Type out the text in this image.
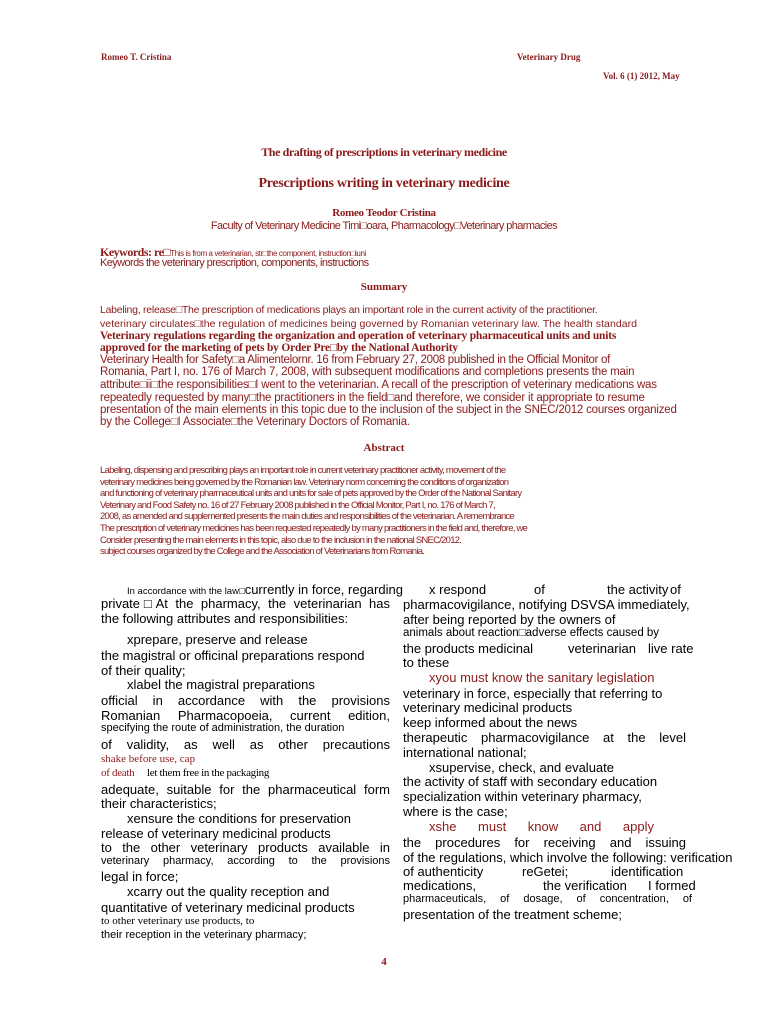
Romeo T. Cristina	Veterinary Drug
Vol. 6 (1) 2012, May
The drafting of prescriptions in veterinary medicine
Prescriptions writing in veterinary medicine
Romeo Teodor Cristina
Faculty of Veterinary Medicine Timi□oara, Pharmacology□Veterinary pharmacies
Keywords: re□This is from a veterinarian, str□the component, instruction□iuni
Keywords the veterinary prescription, components, instructions
Summary
Labeling, release□The prescription of medications plays an important role in the current activity of the practitioner.
veterinary circulates□the regulation of medicines being governed by Romanian veterinary law. The health standard
Veterinary regulations regarding the organization and operation of veterinary pharmaceutical units and units
approved for the marketing of pets by Order Pre□by the National Authority
Veterinary Health for Safety□a Alimentelornr. 16 from February 27, 2008 published in the Official Monitor of
Romania, Part I, no. 176 of March 7, 2008, with subsequent modifications and completions presents the main
attribute□ii□the responsibilities□I went to the veterinarian. A recall of the prescription of veterinary medications was
repeatedly requested by many□the practitioners in the field□and therefore, we consider it appropriate to resume
presentation of the main elements in this topic due to the inclusion of the subject in the SNEC/2012 courses organized
by the College□I Associate□the Veterinary Doctors of Romania.
Abstract
Labeling, dispensing and prescribing plays an important role in current veterinary practitioner activity, movement of the
veterinary medicines being governed by the Romanian law. Veterinary norm concerning the conditions of organization
and functioning of veterinary pharmaceutical units and units for sale of pets approved by the Order of the National Sanitary
Veterinary and Food Safety no. 16 of 27 February 2008 published in the Official Monitor, Part I, no. 176 of March 7,
2008, as amended and supplemented presents the main duties and responsibilities of the veterinarian. A remembrance
The prescription of veterinary medicines has been requested repeatedly by many practitioners in the field and, therefore, we
Consider presenting the main elements in this topic, also due to the inclusion in the national SNEC/2012.
subject courses organized by the College and the Association of Veterinarians from Romania.
In accordance with the law□currently in force, regarding
private□At the pharmacy, the veterinarian has
the following attributes and responsibilities:
xprepare, preserve and release
the magistral or officinal preparations respond
of their quality;
xlabel the magistral preparations
official in accordance with the provisions
Romanian Pharmacopoeia, current edition,
specifying the route of administration, the duration
of validity, as well as other precautions
shake before use, cap
of death let them free in the packaging
adequate, suitable for the pharmaceutical form
their characteristics;
xensure the conditions for preservation
release of veterinary medicinal products
to the other veterinary products available in
veterinary pharmacy, according to the provisions
legal in force;
xcarry out the quality reception and
quantitative of veterinary medicinal products
to other veterinary use products, to
their reception in the veterinary pharmacy;
x respond	of	the activity of
pharmacovigilance, notifying DSVSA immediately,
after being reported by the owners of
animals about reaction□adverse effects caused by
the products medicinal	veterinarian live rate
to these
xyou must know the sanitary legislation
veterinary in force, especially that referring to
veterinary medicinal products
keep informed about the news
therapeutic pharmacovigilance at the level
international national;
xsupervise, check, and evaluate
the activity of staff with secondary education
specialization within veterinary pharmacy,
where is the case;
xshe must know and apply
the procedures for receiving and issuing
of the regulations, which involve the following: verification
of authenticity	reGetei;	identification
medications,	the verification I formed
pharmaceuticals, of dosage, of concentration, of
presentation of the treatment scheme;
4
